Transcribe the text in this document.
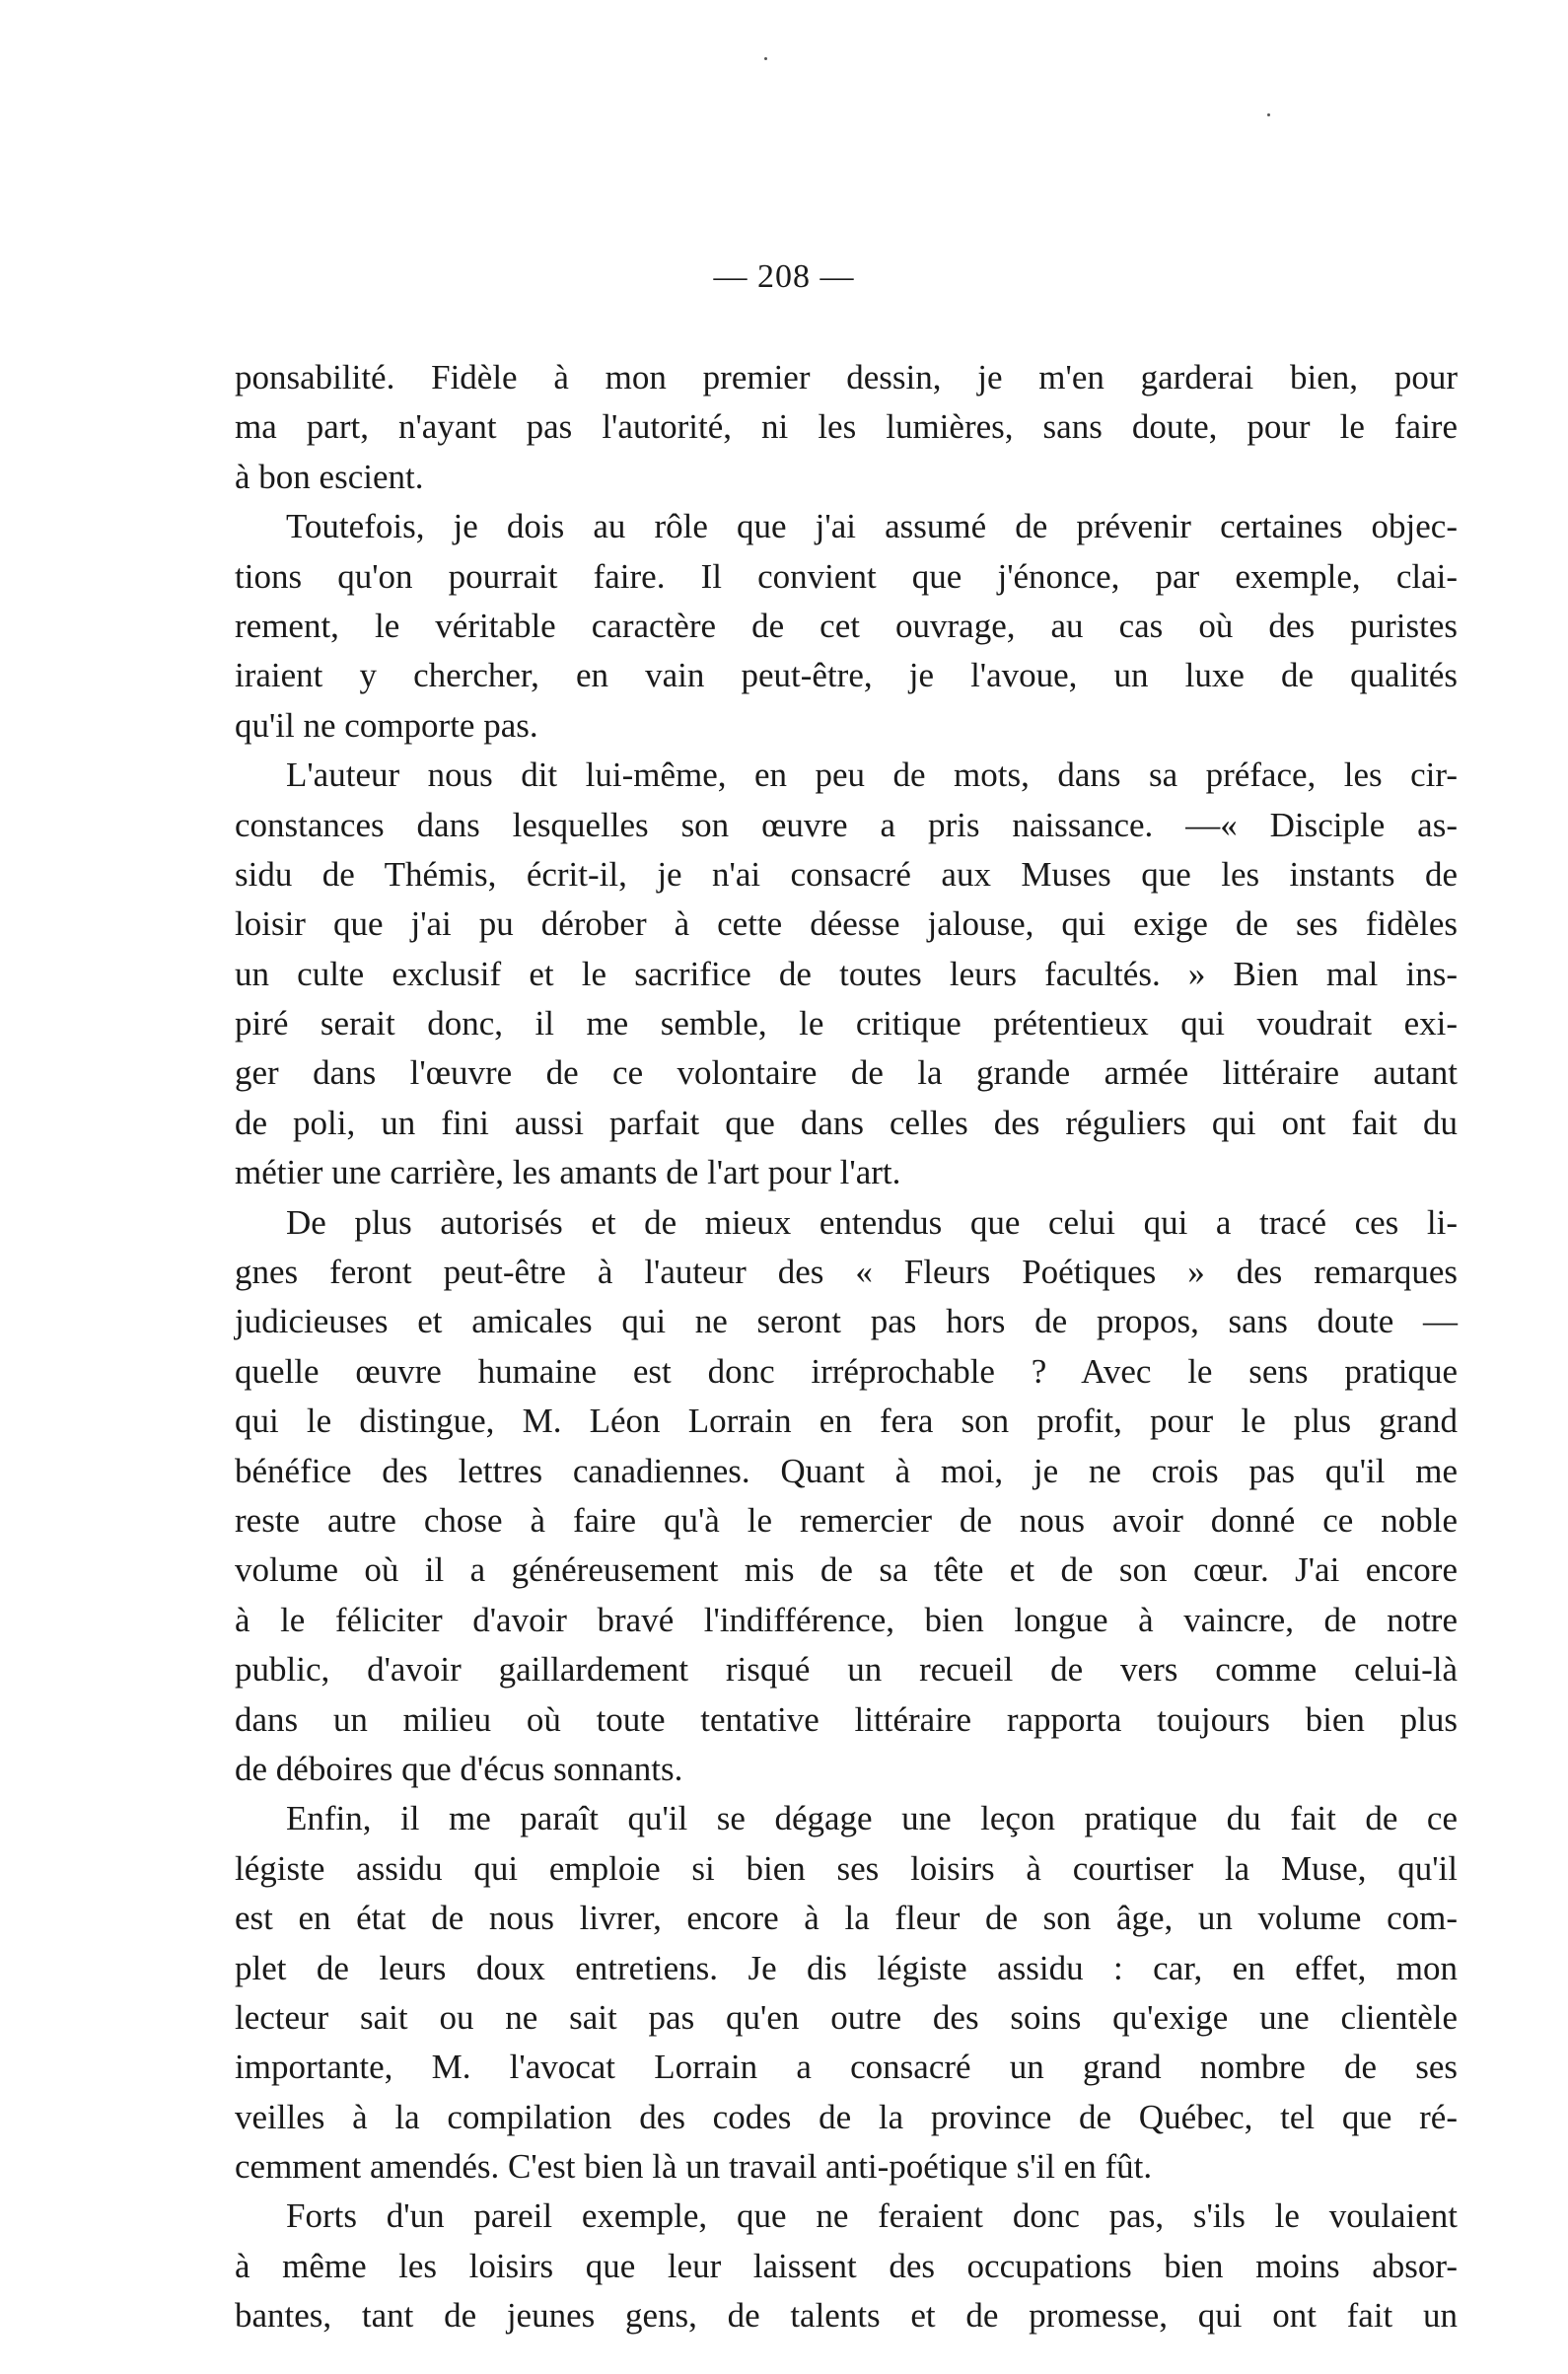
— 208 —
ponsabilité. Fidèle à mon premier dessin, je m'en garderai bien, pour
ma part, n'ayant pas l'autorité, ni les lumières, sans doute, pour le faire
à bon escient.
Toutefois, je dois au rôle que j'ai assumé de prévenir certaines objec-
tions qu'on pourrait faire. Il convient que j'énonce, par exemple, clai-
rement, le véritable caractère de cet ouvrage, au cas où des puristes
iraient y chercher, en vain peut-être, je l'avoue, un luxe de qualités
qu'il ne comporte pas.
L'auteur nous dit lui-même, en peu de mots, dans sa préface, les cir-
constances dans lesquelles son œuvre a pris naissance. —« Disciple as-
sidu de Thémis, écrit-il, je n'ai consacré aux Muses que les instants de
loisir que j'ai pu dérober à cette déesse jalouse, qui exige de ses fidèles
un culte exclusif et le sacrifice de toutes leurs facultés. » Bien mal ins-
piré serait donc, il me semble, le critique prétentieux qui voudrait exi-
ger dans l'œuvre de ce volontaire de la grande armée littéraire autant
de poli, un fini aussi parfait que dans celles des réguliers qui ont fait du
métier une carrière, les amants de l'art pour l'art.
De plus autorisés et de mieux entendus que celui qui a tracé ces li-
gnes feront peut-être à l'auteur des « Fleurs Poétiques » des remarques
judicieuses et amicales qui ne seront pas hors de propos, sans doute —
quelle œuvre humaine est donc irréprochable ? Avec le sens pratique
qui le distingue, M. Léon Lorrain en fera son profit, pour le plus grand
bénéfice des lettres canadiennes. Quant à moi, je ne crois pas qu'il me
reste autre chose à faire qu'à le remercier de nous avoir donné ce noble
volume où il a généreusement mis de sa tête et de son cœur. J'ai encore
à le féliciter d'avoir bravé l'indifférence, bien longue à vaincre, de notre
public, d'avoir gaillardement risqué un recueil de vers comme celui-là
dans un milieu où toute tentative littéraire rapporta toujours bien plus
de déboires que d'écus sonnants.
Enfin, il me paraît qu'il se dégage une leçon pratique du fait de ce
légiste assidu qui emploie si bien ses loisirs à courtiser la Muse, qu'il
est en état de nous livrer, encore à la fleur de son âge, un volume com-
plet de leurs doux entretiens. Je dis légiste assidu : car, en effet, mon
lecteur sait ou ne sait pas qu'en outre des soins qu'exige une clientèle
importante, M. l'avocat Lorrain a consacré un grand nombre de ses
veilles à la compilation des codes de la province de Québec, tel que ré-
cemment amendés. C'est bien là un travail anti-poétique s'il en fût.
Forts d'un pareil exemple, que ne feraient donc pas, s'ils le voulaient
à même les loisirs que leur laissent des occupations bien moins absor-
bantes, tant de jeunes gens, de talents et de promesse, qui ont fait un
